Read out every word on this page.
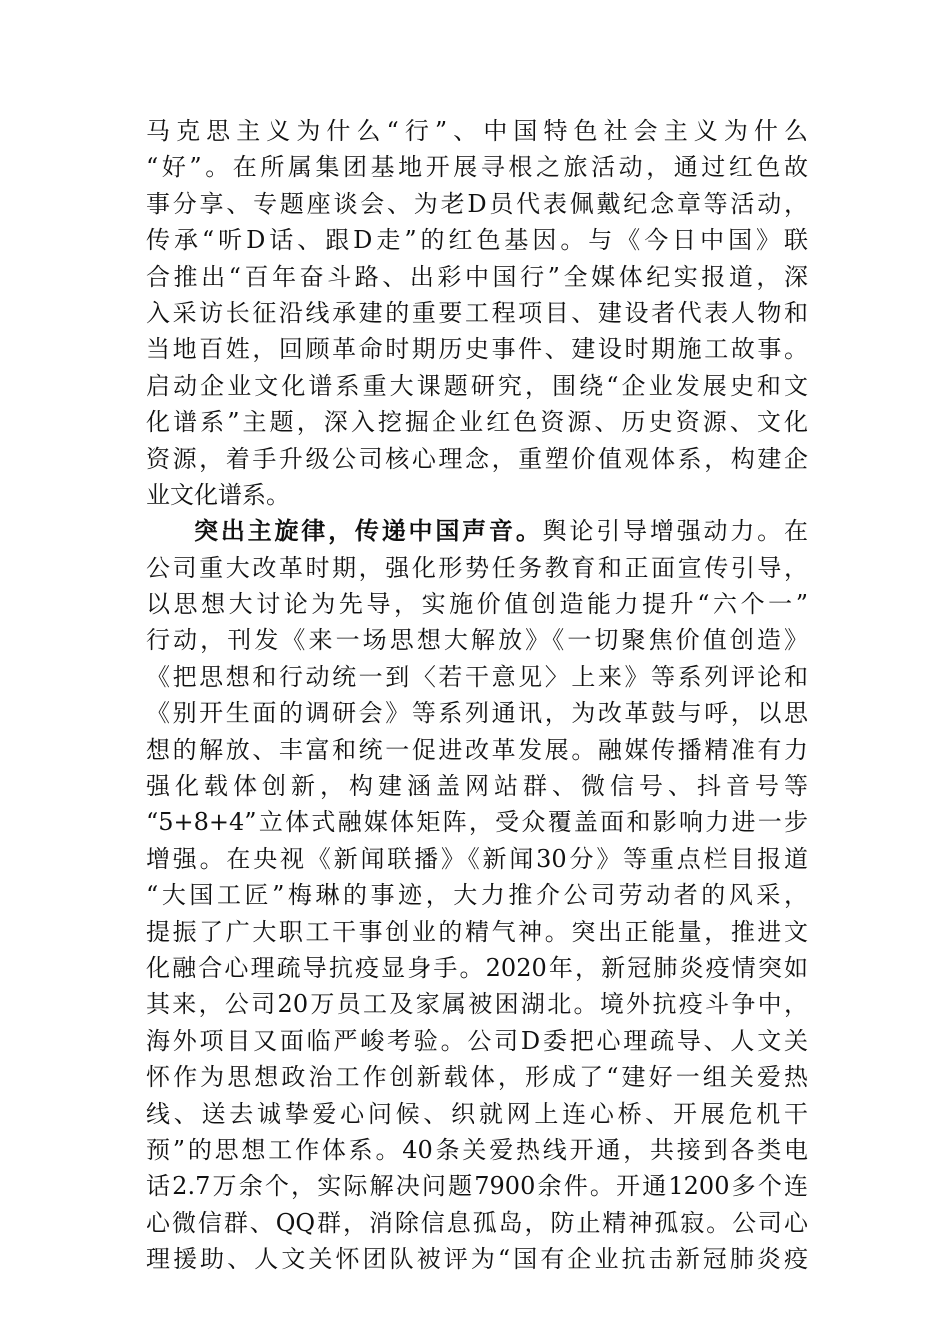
马克思主义为什么“行”、中国特色社会主义为什么
“好”。在所属集团基地开展寻根之旅活动，通过红色故
事分享、专题座谈会、为老D员代表佩戴纪念章等活动，
传承“听D话、跟D走”的红色基因。与《今日中国》联
合推出“百年奋斗路、出彩中国行”全媒体纪实报道，深
入采访长征沿线承建的重要工程项目、建设者代表人物和
当地百姓，回顾革命时期历史事件、建设时期施工故事。
启动企业文化谱系重大课题研究，围绕“企业发展史和文
化谱系”主题，深入挖掘企业红色资源、历史资源、文化
资源，着手升级公司核心理念，重塑价值观体系，构建企
业文化谱系。
突出主旋律，传递中国声音。舆论引导增强动力。在
公司重大改革时期，强化形势任务教育和正面宣传引导，
以思想大讨论为先导，实施价值创造能力提升“六个一”
行动，刊发《来一场思想大解放》《一切聚焦价值创造》
《把思想和行动统一到〈若干意见〉上来》等系列评论和
《别开生面的调研会》等系列通讯，为改革鼓与呼，以思
想的解放、丰富和统一促进改革发展。融媒传播精准有力
强化载体创新，构建涵盖网站群、微信号、抖音号等
“5+8+4”立体式融媒体矩阵，受众覆盖面和影响力进一步
增强。在央视《新闻联播》《新闻30分》等重点栏目报道
“大国工匠”梅琳的事迹，大力推介公司劳动者的风采，
提振了广大职工干事创业的精气神。突出正能量，推进文
化融合心理疏导抗疫显身手。2020年，新冠肺炎疫情突如
其来，公司20万员工及家属被困湖北。境外抗疫斗争中，
海外项目又面临严峻考验。公司D委把心理疏导、人文关
怀作为思想政治工作创新载体，形成了“建好一组关爱热
线、送去诚挚爱心问候、织就网上连心桥、开展危机干
预”的思想工作体系。40条关爱热线开通，共接到各类电
话2.7万余个，实际解决问题7900余件。开通1200多个连
心微信群、QQ群，消除信息孤岛，防止精神孤寂。公司心
理援助、人文关怀团队被评为“国有企业抗击新冠肺炎疫
